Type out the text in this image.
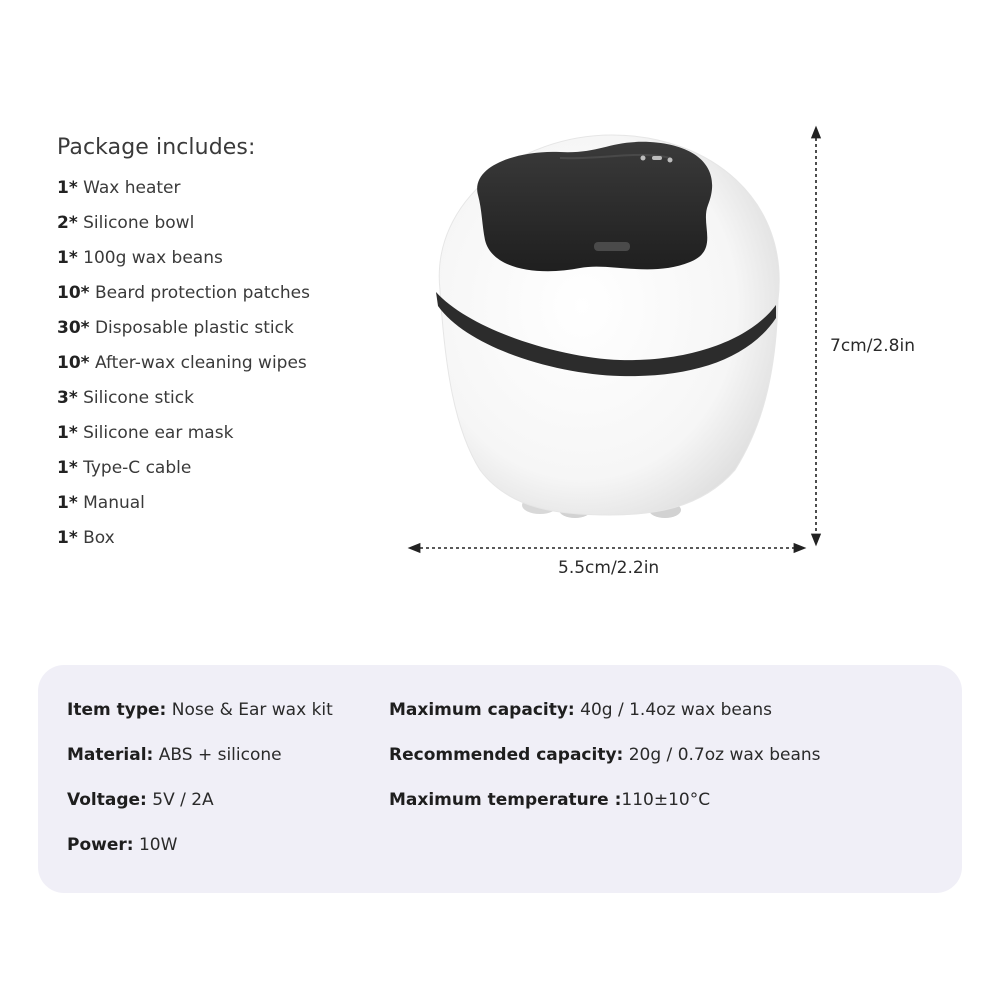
Package includes:
1* Wax heater
2* Silicone bowl
1* 100g wax beans
10* Beard protection patches
30* Disposable plastic stick
10* After-wax cleaning wipes
3* Silicone stick
1* Silicone ear mask
1* Type-C cable
1* Manual
1* Box
7cm/2.8in
5.5cm/2.2in
Item type: Nose & Ear wax kit
Material: ABS + silicone
Voltage: 5V / 2A
Power: 10W
Maximum capacity: 40g / 1.4oz wax beans
Recommended capacity: 20g / 0.7oz wax beans
Maximum temperature :110±10°C
